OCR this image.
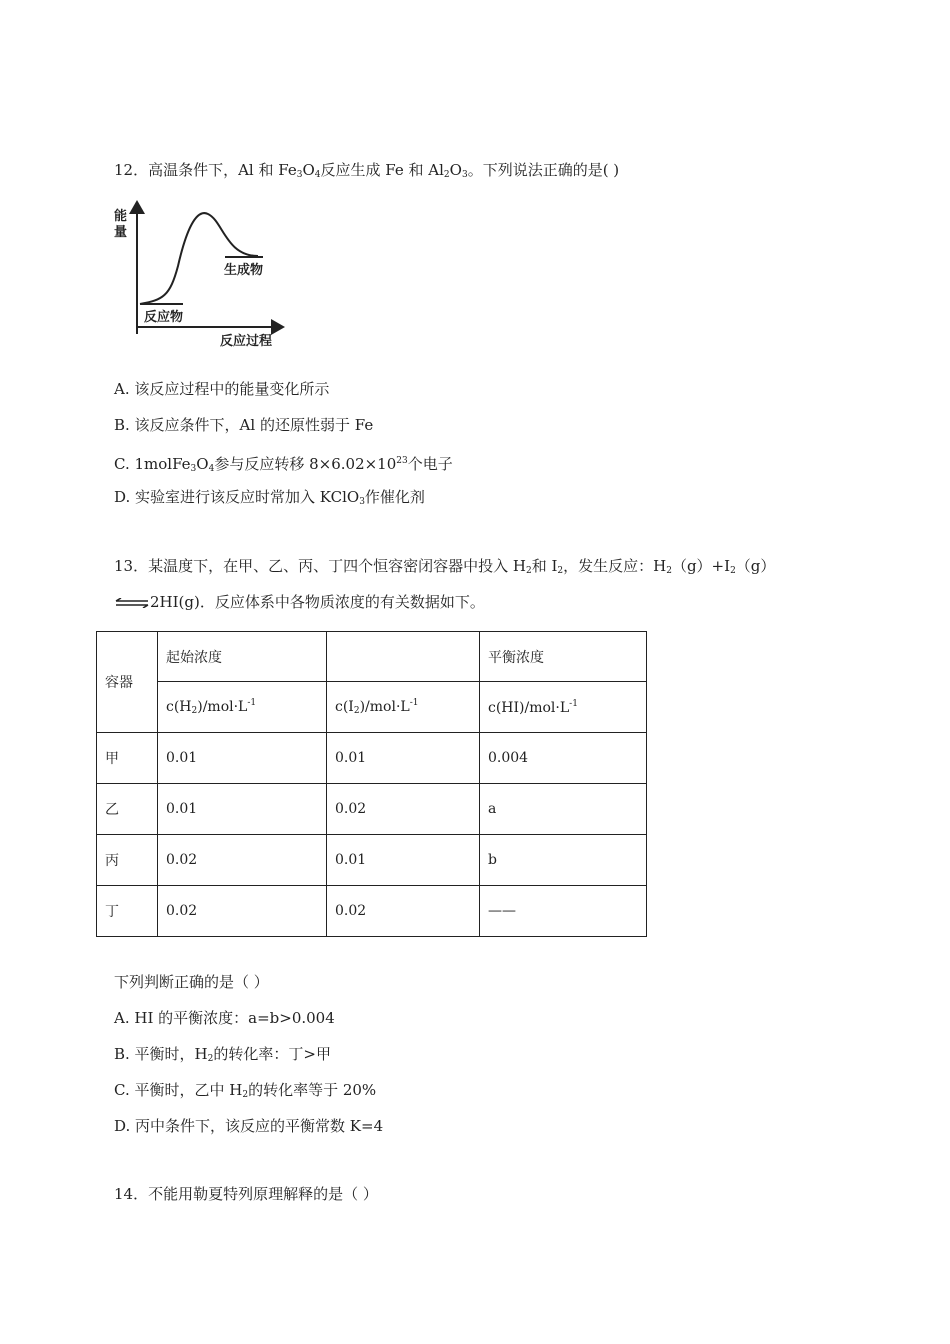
12．高温条件下，Al 和 $Fe_3O_4$反应生成 Fe 和 $Al_2O_3$。下列说法正确的是( )
能
量
生成物
反应物
反应过程
A. 该反应过程中的能量变化所示
B. 该反应条件下，Al 的还原性弱于 Fe
C. $1molFe_3O_4$参与反应转移 $8\times 6.02\times 10^{23}$个电子
D. 实验室进行该反应时常加入 KClO$_3$作催化剂
13．某温度下，在甲、乙、丙、丁四个恒容密闭容器中投入 $H_2$和 $I_2$，发生反应：$H_2(g)+I_2(g)$
⇌2HI(g)．反应体系中各物质浓度的有关数据如下。
容器	起始浓度		平衡浓度
	$c(H_2)/mol\cdot L^{-1}$	$c(I_2)/mol\cdot L^{-1}$	$c(HI)/mol\cdot L^{-1}$
甲	0.01	0.01	0.004
乙	0.01	0.02	a
丙	0.02	0.01	b
丁	0.02	0.02	——
下列判断正确的是（ ）
A. HI 的平衡浓度：a=b>0.004
B. 平衡时，$H_2$的转化率：丁>甲
C. 平衡时，乙中 $H_2$的转化率等于 20%
D. 丙中条件下，该反应的平衡常数 K=4
14．不能用勒夏特列原理解释的是（ ）
